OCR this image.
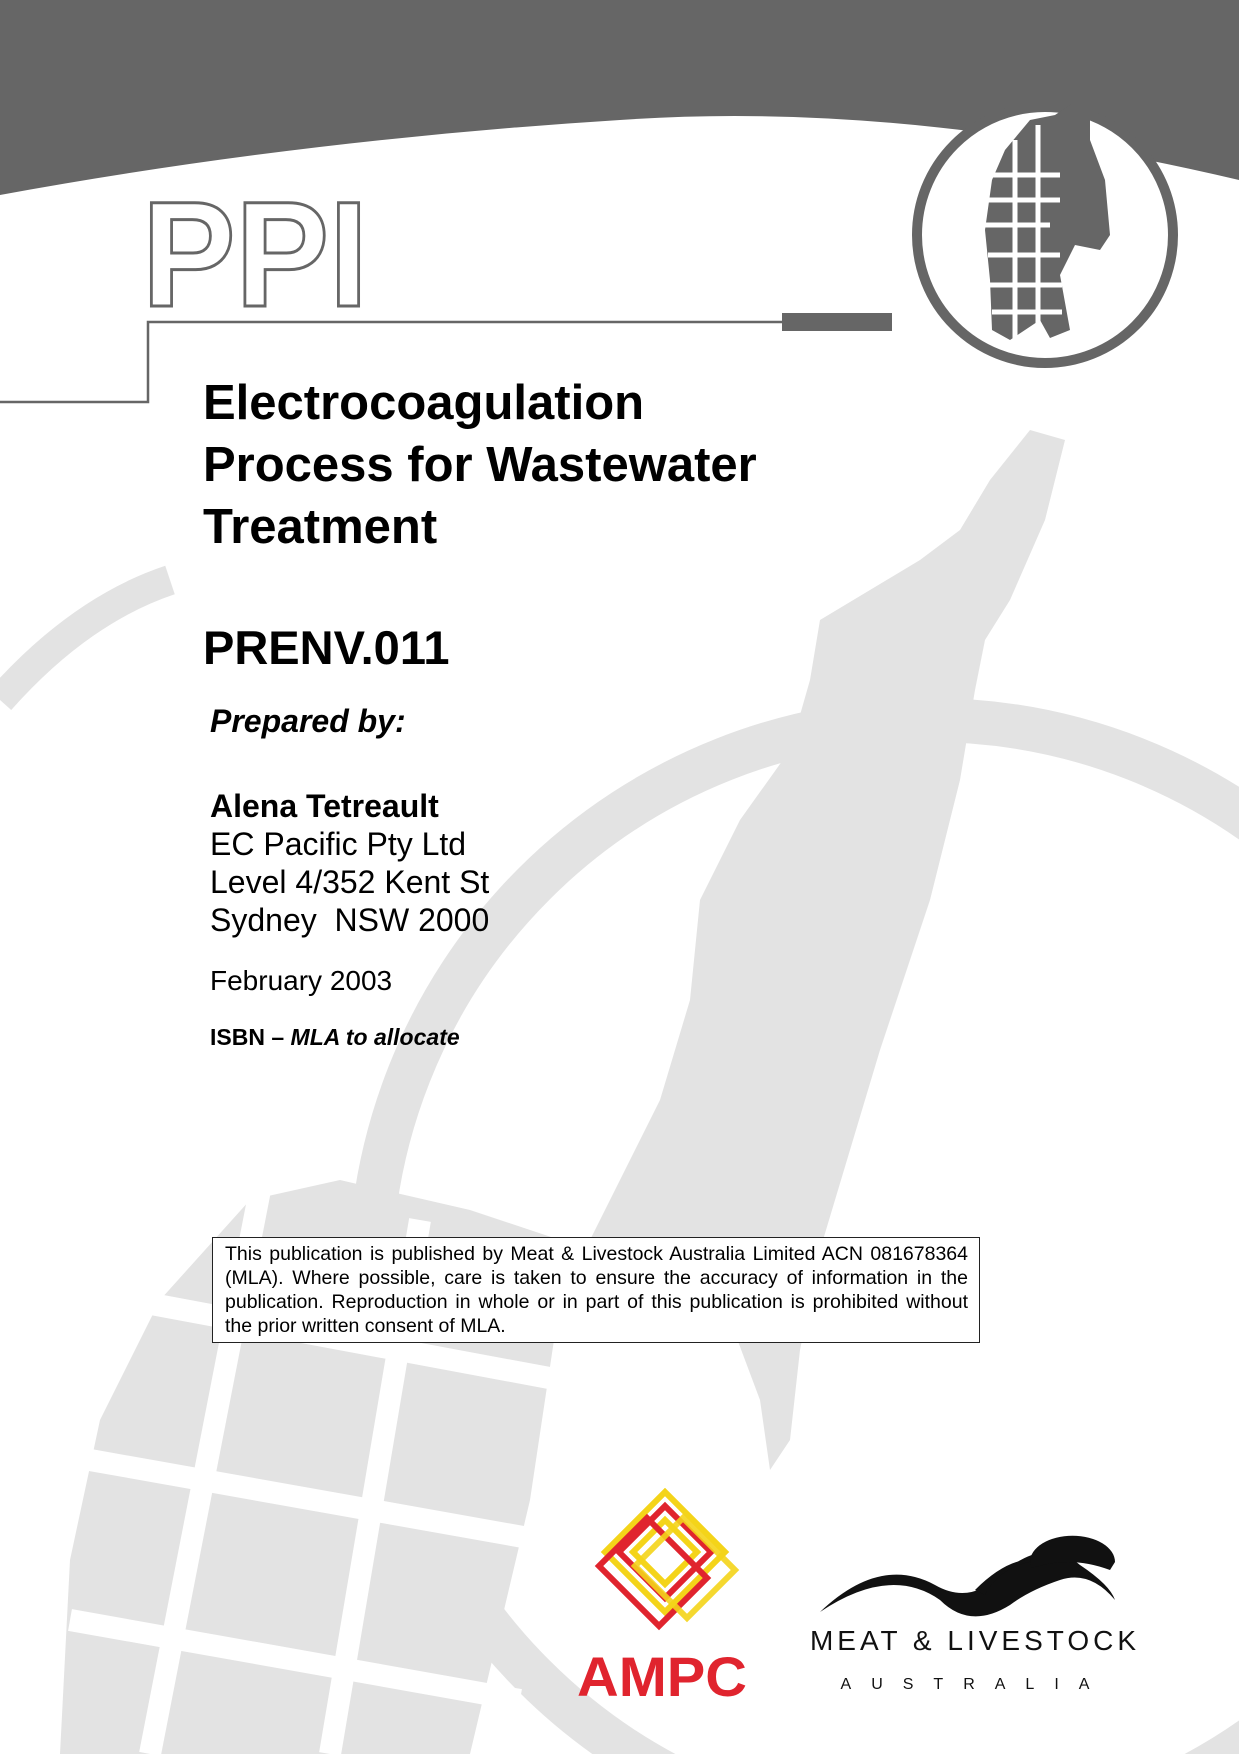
PPI
Electrocoagulation
Process for Wastewater
Treatment
PRENV.011
Prepared by:
Alena Tetreault
EC Pacific Pty Ltd
Level 4/352 Kent St
Sydney  NSW 2000
February 2003
ISBN – MLA to allocate
This publication is published by Meat & Livestock Australia Limited ACN 081678364 (MLA). Where possible, care is taken to ensure the accuracy of information in the publication. Reproduction in whole or in part of this publication is prohibited without the prior written consent of MLA.
AMPC
MEAT & LIVESTOCK
AUSTRALIA
